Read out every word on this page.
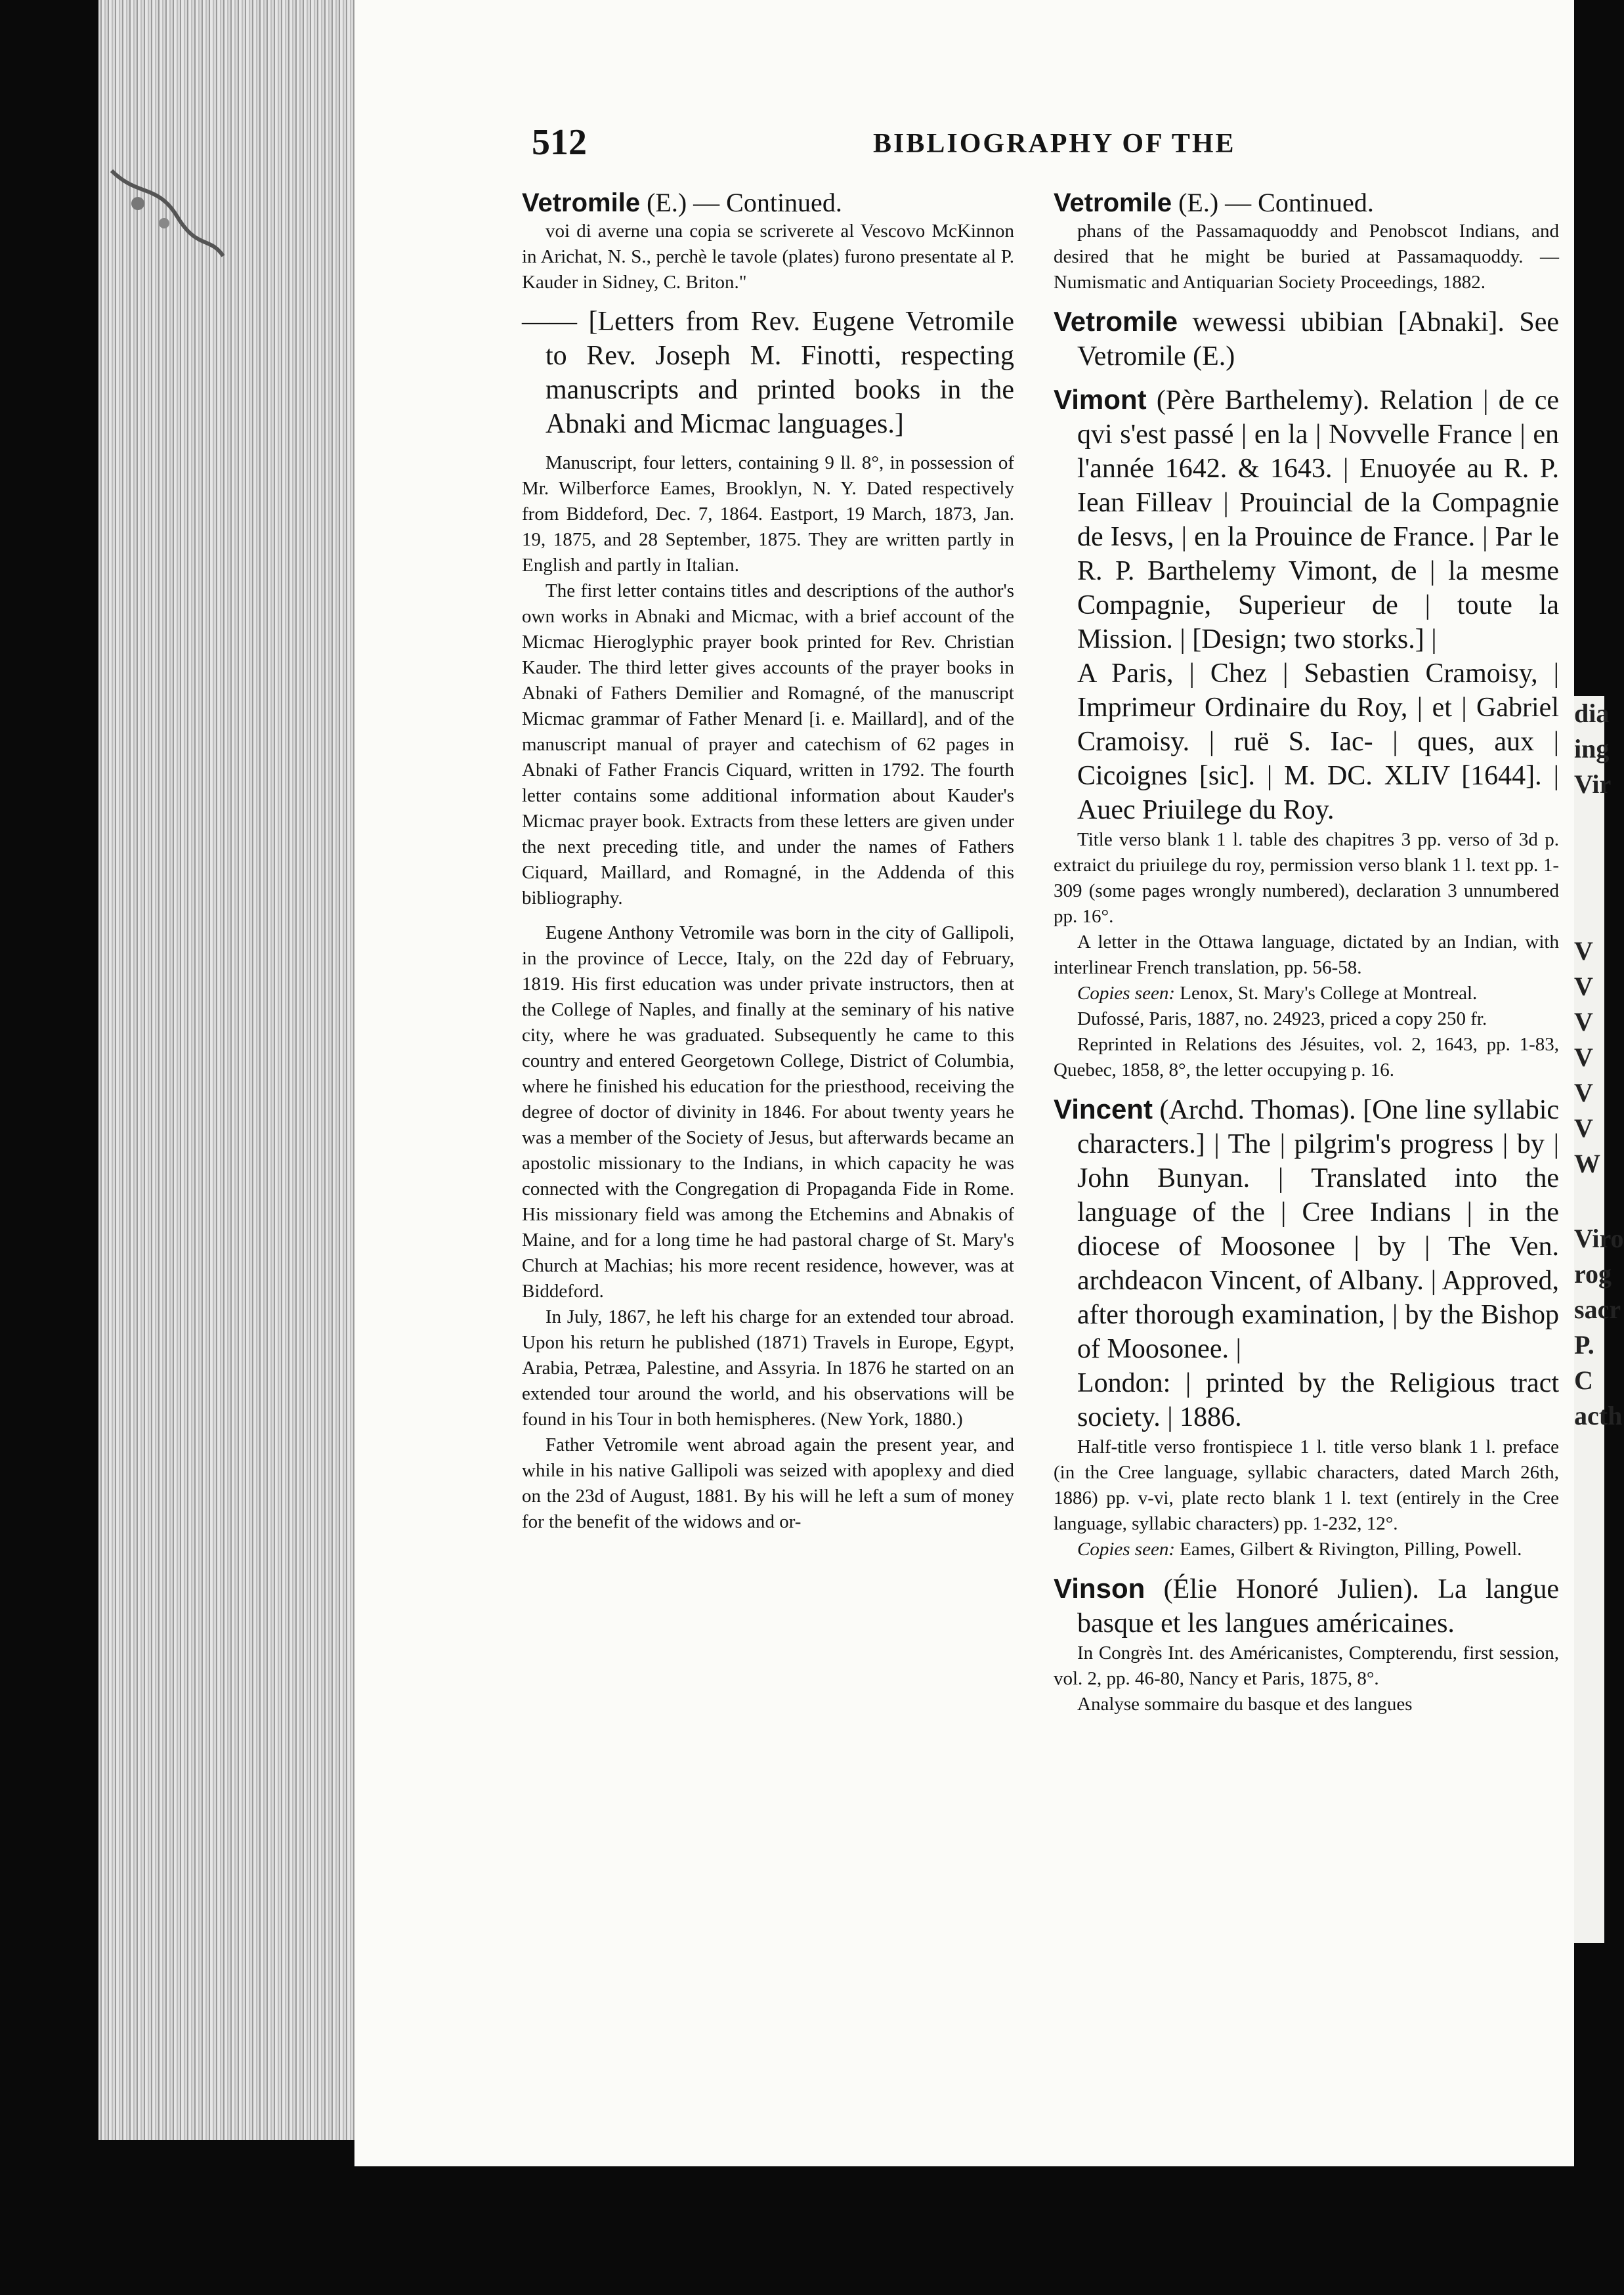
512	BIBLIOGRAPHY OF THE

Vetromile (E.) — Continued.

voi di averne una copia se scriverete al Vescovo McKinnon in Arichat, N. S., perchè le tavole (plates) furono presentate al P. Kauder in Sidney, C. Briton."

—— [Letters from Rev. Eugene Vetromile to Rev. Joseph M. Finotti, respecting manuscripts and printed books in the Abnaki and Micmac languages.]

Manuscript, four letters, containing 9 ll. 8°, in possession of Mr. Wilberforce Eames, Brooklyn, N. Y. Dated respectively from Biddeford, Dec. 7, 1864. Eastport, 19 March, 1873, Jan. 19, 1875, and 28 September, 1875. They are written partly in English and partly in Italian.

The first letter contains titles and descriptions of the author's own works in Abnaki and Micmac, with a brief account of the Micmac Hieroglyphic prayer book printed for Rev. Christian Kauder. The third letter gives accounts of the prayer books in Abnaki of Fathers Demilier and Romagné, of the manuscript Micmac grammar of Father Menard [i. e. Maillard], and of the manuscript manual of prayer and catechism of 62 pages in Abnaki of Father Francis Ciquard, written in 1792. The fourth letter contains some additional information about Kauder's Micmac prayer book. Extracts from these letters are given under the next preceding title, and under the names of Fathers Ciquard, Maillard, and Romagné, in the Addenda of this bibliography.

Eugene Anthony Vetromile was born in the city of Gallipoli, in the province of Lecce, Italy, on the 22d day of February, 1819. His first education was under private instructors, then at the College of Naples, and finally at the seminary of his native city, where he was graduated. Subsequently he came to this country and entered Georgetown College, District of Columbia, where he finished his education for the priesthood, receiving the degree of doctor of divinity in 1846. For about twenty years he was a member of the Society of Jesus, but afterwards became an apostolic missionary to the Indians, in which capacity he was connected with the Congregation di Propaganda Fide in Rome. His missionary field was among the Etchemins and Abnakis of Maine, and for a long time he had pastoral charge of St. Mary's Church at Machias; his more recent residence, however, was at Biddeford.

In July, 1867, he left his charge for an extended tour abroad. Upon his return he published (1871) Travels in Europe, Egypt, Arabia, Petræa, Palestine, and Assyria. In 1876 he started on an extended tour around the world, and his observations will be found in his Tour in both hemispheres. (New York, 1880.)

Father Vetromile went abroad again the present year, and while in his native Gallipoli was seized with apoplexy and died on the 23d of August, 1881. By his will he left a sum of money for the benefit of the widows and or-

Vetromile (E.) — Continued.

phans of the Passamaquoddy and Penobscot Indians, and desired that he might be buried at Passamaquoddy. — Numismatic and Antiquarian Society Proceedings, 1882.

Vetromile wewessi ubibian [Abnaki]. See Vetromile (E.)

Vimont (Père Barthelemy). Relation | de ce qvi s'est passé | en la | Novvelle France | en l'année 1642. & 1643. | Enuoyée au R. P. Iean Filleav | Prouincial de la Compagnie de Iesvs, | en la Prouince de France. | Par le R. P. Barthelemy Vimont, de | la mesme Compagnie, Superieur de | toute la Mission. | [Design; two storks.] |

A Paris, | Chez | Sebastien Cramoisy, | Imprimeur Ordinaire du Roy, | et | Gabriel Cramoisy. | ruë S. Iac- | ques, aux | Cicoignes [sic]. | M. DC. XLIV [1644]. | Auec Priuilege du Roy.

Title verso blank 1 l. table des chapitres 3 pp. verso of 3d p. extraict du priuilege du roy, permission verso blank 1 l. text pp. 1-309 (some pages wrongly numbered), declaration 3 unnumbered pp. 16°.

A letter in the Ottawa language, dictated by an Indian, with interlinear French translation, pp. 56-58.

Copies seen: Lenox, St. Mary's College at Montreal.

Dufossé, Paris, 1887, no. 24923, priced a copy 250 fr.

Reprinted in Relations des Jésuites, vol. 2, 1643, pp. 1-83, Quebec, 1858, 8°, the letter occupying p. 16.

Vincent (Archd. Thomas). [One line syllabic characters.] | The | pilgrim's progress | by | John Bunyan. | Translated into the language of the | Cree Indians | in the diocese of Moosonee | by | The Ven. archdeacon Vincent, of Albany. | Approved, after thorough examination, | by the Bishop of Moosonee. |

London: | printed by the Religious tract society. | 1886.

Half-title verso frontispiece 1 l. title verso blank 1 l. preface (in the Cree language, syllabic characters, dated March 26th, 1886) pp. v-vi, plate recto blank 1 l. text (entirely in the Cree language, syllabic characters) pp. 1-232, 12°.

Copies seen: Eames, Gilbert & Rivington, Pilling, Powell.

Vinson (Élie Honoré Julien). La langue basque et les langues américaines.

In Congrès Int. des Américanistes, Compterendu, first session, vol. 2, pp. 46-80, Nancy et Paris, 1875, 8°.

Analyse sommaire du basque et des langues

dia
ing
Vir
V
V
V
V
V
V
W
Viro
rog
sacr
P. C
acth
